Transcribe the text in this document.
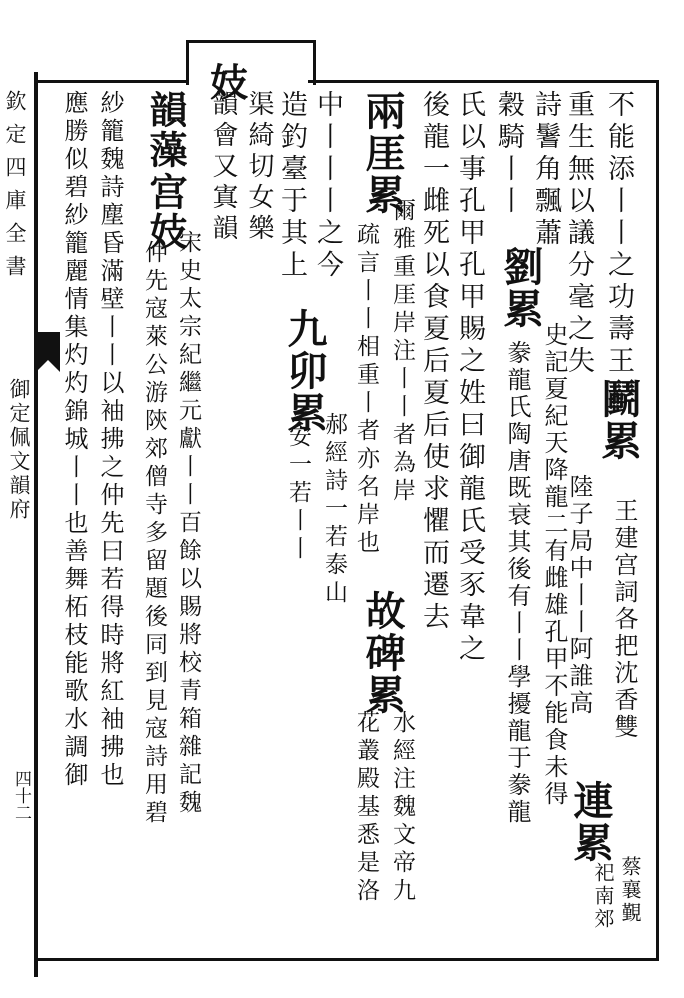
欽定四庫全書
御定佩文韻府
四十二
妓
不能添丨丨之功壽王鬬累
王建宫詞各把沈香雙
重生無以議分毫之失
陸子局中丨丨阿誰高
詩鬐角飄蕭
連累
蔡襄覲
祀南郊
穀騎丨丨
劉累
史記夏紀天降龍二有雌雄孔甲不能食未得
豢龍氏陶唐既衰其後有丨丨學擾龍于豢龍
氏以事孔甲孔甲賜之姓曰御龍氏受豕韋之
後龍一雌死以食夏后夏后使求懼而遷去
兩厓累
爾雅重厓岸注丨丨者為岸
疏言丨丨相重丨者亦名岸也
故碑累
水經注魏文帝九
花叢殿基悉是洛
中丨丨丨之今
造釣臺于其上
九卯累
郝經詩一若泰山
安一若丨丨
渠綺切女樂
韻會又寘韻
韻藻
宫妓
宋史太宗紀繼元獻丨丨百餘以賜將校青箱雜記魏
仲先寇萊公游陝郊僧寺多留題後同到見寇詩用碧
紗籠魏詩塵昏滿壁丨丨以袖拂之仲先曰若得時將紅袖拂也
應勝似碧紗籠麗情集灼灼錦城丨丨也善舞柘枝能歌水調御
